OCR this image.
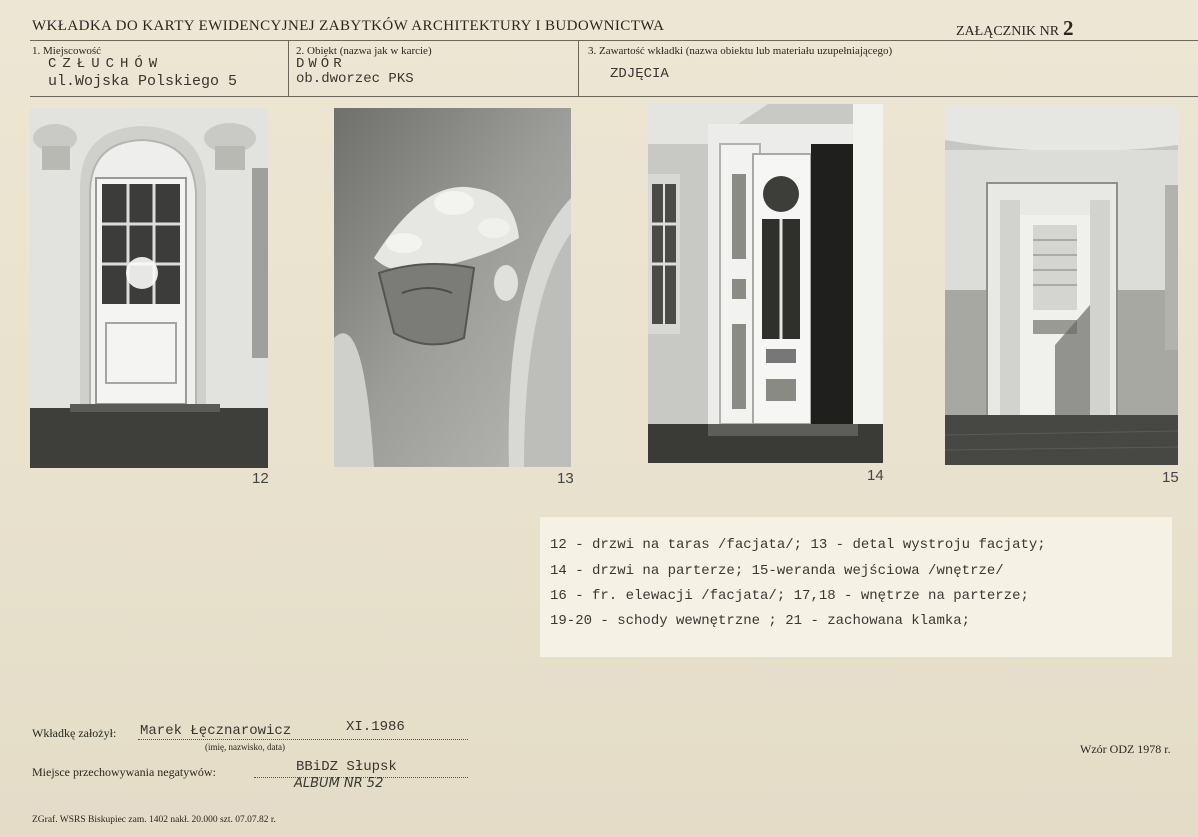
WKŁADKA DO KARTY EWIDENCYJNEJ ZABYTKÓW ARCHITEKTURY I BUDOWNICTWA	ZAŁĄCZNIK NR 2
1. Miejscowość
CZŁUCHÓW
ul.Wojska Polskiego 5
2. Obiekt (nazwa jak w karcie)
DWÓR
ob.dworzec PKS
3. Zawartość wkładki (nazwa obiektu lub materiału uzupełniającego)
ZDJĘCIA
12	13	14	15
12 - drzwi na taras /facjata/; 13 - detal wystroju facjaty;
14 - drzwi na parterze; 15-weranda wejściowa /wnętrze/
16 - fr. elewacji /facjata/; 17,18 - wnętrze na parterze;
19-20 - schody wewnętrzne ; 21 - zachowana klamka;
Wkładkę założył: Marek Łęcznarowicz	XI.1986
(imię, nazwisko, data)
Miejsce przechowywania negatywów:	BBiDZ Słupsk
ALBUM NR 52
Wzór ODZ 1978 r.
ZGraf. WSRS Biskupiec zam. 1402 nakł. 20.000 szt. 07.07.82 r.
